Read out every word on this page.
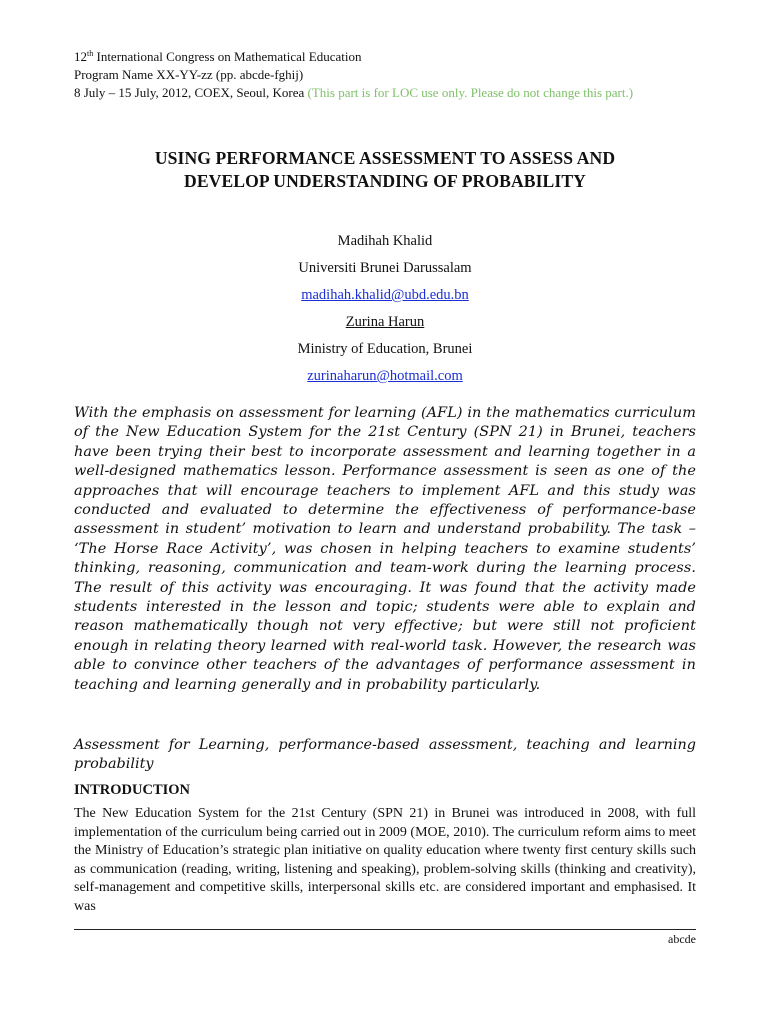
12th International Congress on Mathematical Education
Program Name XX-YY-zz (pp. abcde-fghij)
8 July – 15 July, 2012, COEX, Seoul, Korea (This part is for LOC use only. Please do not change this part.)
USING PERFORMANCE ASSESSMENT TO ASSESS AND
DEVELOP UNDERSTANDING OF PROBABILITY
Madihah Khalid
Universiti Brunei Darussalam
madihah.khalid@ubd.edu.bn
Zurina Harun
Ministry of Education, Brunei
zurinaharun@hotmail.com
With the emphasis on assessment for learning (AFL) in the mathematics curriculum of the New Education System for the 21st Century (SPN 21) in Brunei, teachers have been trying their best to incorporate assessment and learning together in a well-designed mathematics lesson. Performance assessment is seen as one of the approaches that will encourage teachers to implement AFL and this study was conducted and evaluated to determine the effectiveness of performance-base assessment in student’ motivation to learn and understand probability. The task – ‘The Horse Race Activity’, was chosen in helping teachers to examine students’ thinking, reasoning, communication and team-work during the learning process. The result of this activity was encouraging. It was found that the activity made students interested in the lesson and topic; students were able to explain and reason mathematically though not very effective; but were still not proficient enough in relating theory learned with real-world task. However, the research was able to convince other teachers of the advantages of performance assessment in teaching and learning generally and in probability particularly.
Assessment for Learning, performance-based assessment, teaching and learning probability
INTRODUCTION
The New Education System for the 21st Century (SPN 21) in Brunei was introduced in 2008, with full implementation of the curriculum being carried out in 2009 (MOE, 2010). The curriculum reform aims to meet the Ministry of Education’s strategic plan initiative on quality education where twenty first century skills such as communication (reading, writing, listening and speaking), problem-solving skills (thinking and creativity), self-management and competitive skills, interpersonal skills etc. are considered important and emphasised. It was
abcde
